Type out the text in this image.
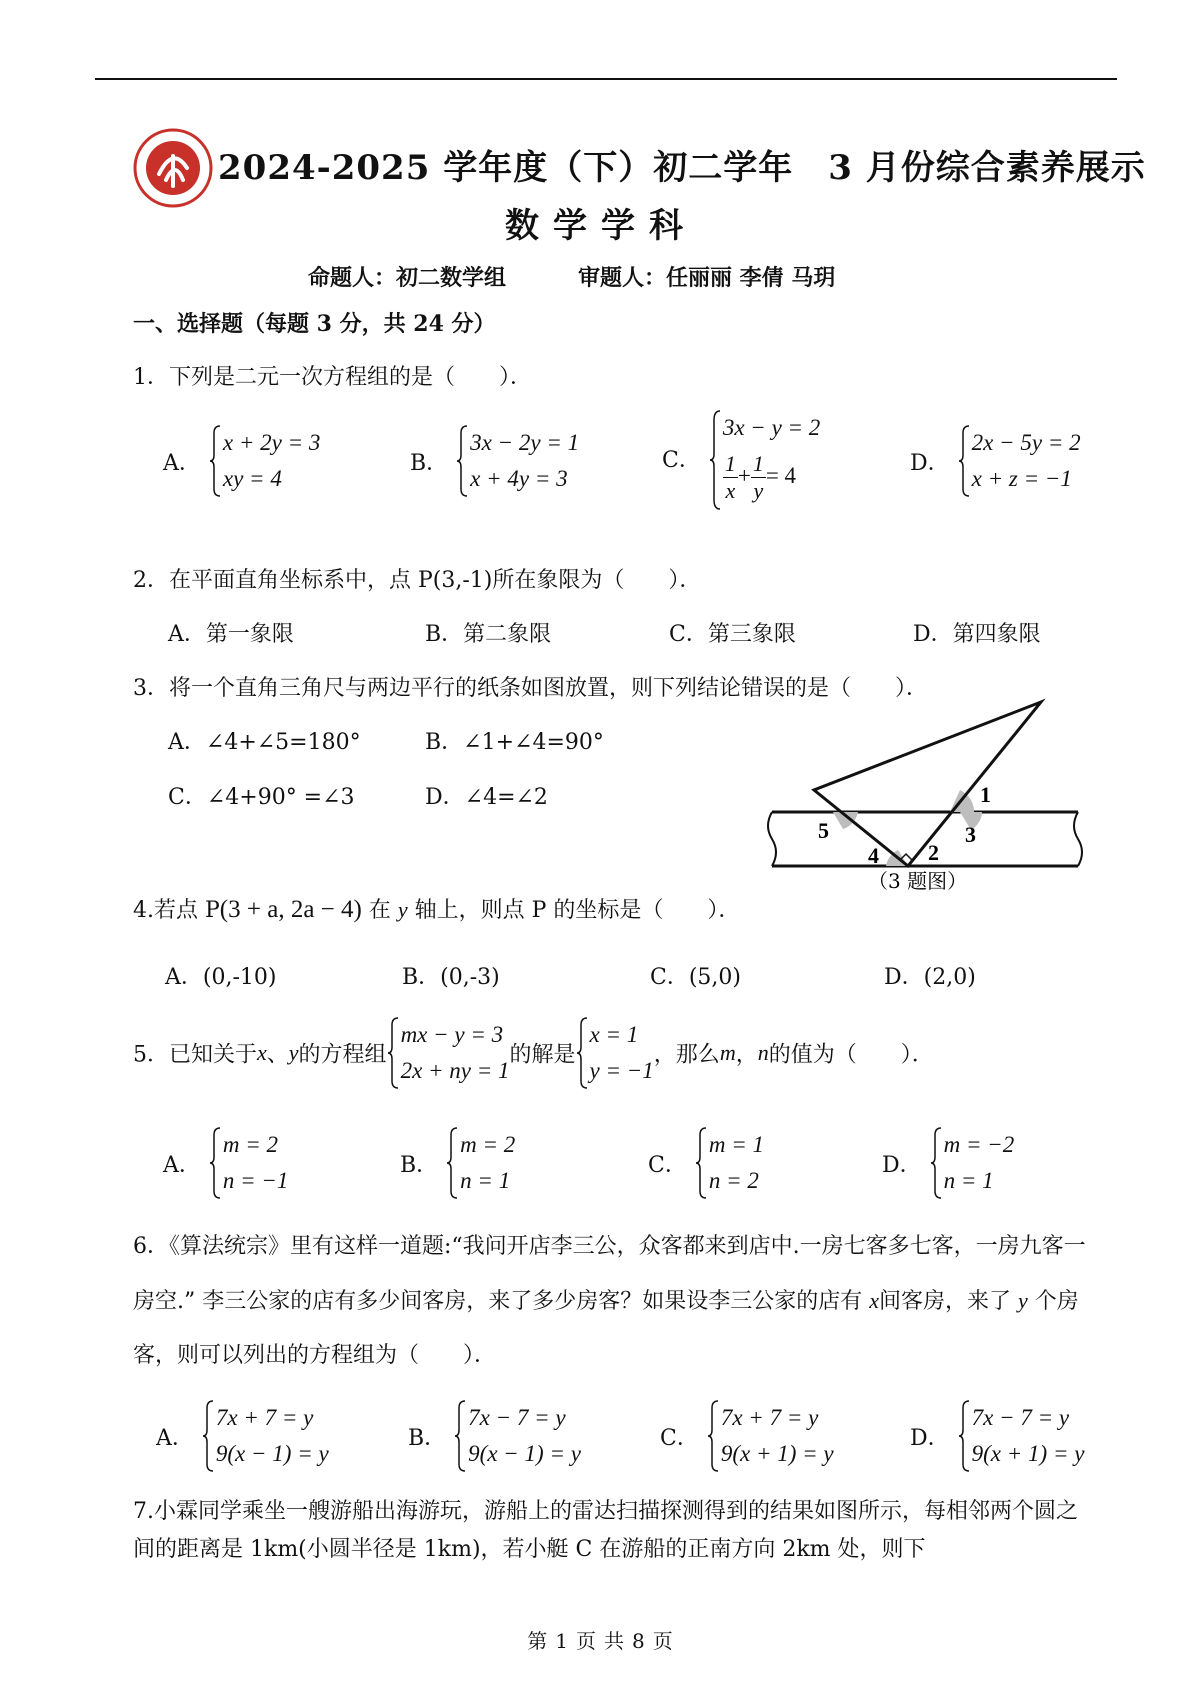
2024-2025 学年度（下）初二学年　3 月份综合素养展示
数学学科
命题人：初二数学组	审题人：任丽丽 李倩 马玥
一、选择题（每题 3 分，共 24 分）
1．下列是二元一次方程组的是（　　）．
A．
x + 2y = 3
xy = 4
B．
3x − 2y = 1
x + 4y = 3
C．
3x − y = 2
$\frac{1}{x} + \frac{1}{y} = 4$	D．
2x − 5y = 2
x + z = −1
2．在平面直角坐标系中，点 P(3,-1)所在象限为（　　）．
A．第一象限	B．第二象限	C．第三象限	D．第四象限
3．将一个直角三角尺与两边平行的纸条如图放置，则下列结论错误的是（　　）．
A．∠4+∠5=180°	B．∠1+∠4=90°
C．∠4+90° =∠3	D．∠4=∠2	1
2
3
4
5
（3 题图）
4.若点 P(3 + a, 2a − 4) 在 y 轴上，则点 P 的坐标是（　　）．
A．(0,-10)	B．(0,-3)	C．(5,0)	D．(2,0)
5．已知关于x、y的方程组
mx − y = 3
2x + ny = 1
的解是
x = 1
y = −1
，那么m，n的值为（　　）．
A．
m = 2
n = −1
B．
m = 2
n = 1
C．
m = 1
n = 2
D．
m = −2
n = 1
6．《算法统宗》里有这样一道题:“我问开店李三公，众客都来到店中.一房七客多七客，一房九客一房空.” 李三公家的店有多少间客房，来了多少房客？如果设李三公家的店有 x间客房，来了 y 个房客，则可以列出的方程组为（　　）．
A．
7x + 7 = y
9(x − 1) = y
B．
7x − 7 = y
9(x − 1) = y
C．
7x + 7 = y
9(x + 1) = y
D．
7x − 7 = y
9(x + 1) = y
7.小霖同学乘坐一艘游船出海游玩，游船上的雷达扫描探测得到的结果如图所示，每相邻两个圆之间的距离是 1km(小圆半径是 1km)，若小艇 C 在游船的正南方向 2km 处，则下
第 1 页 共 8 页
